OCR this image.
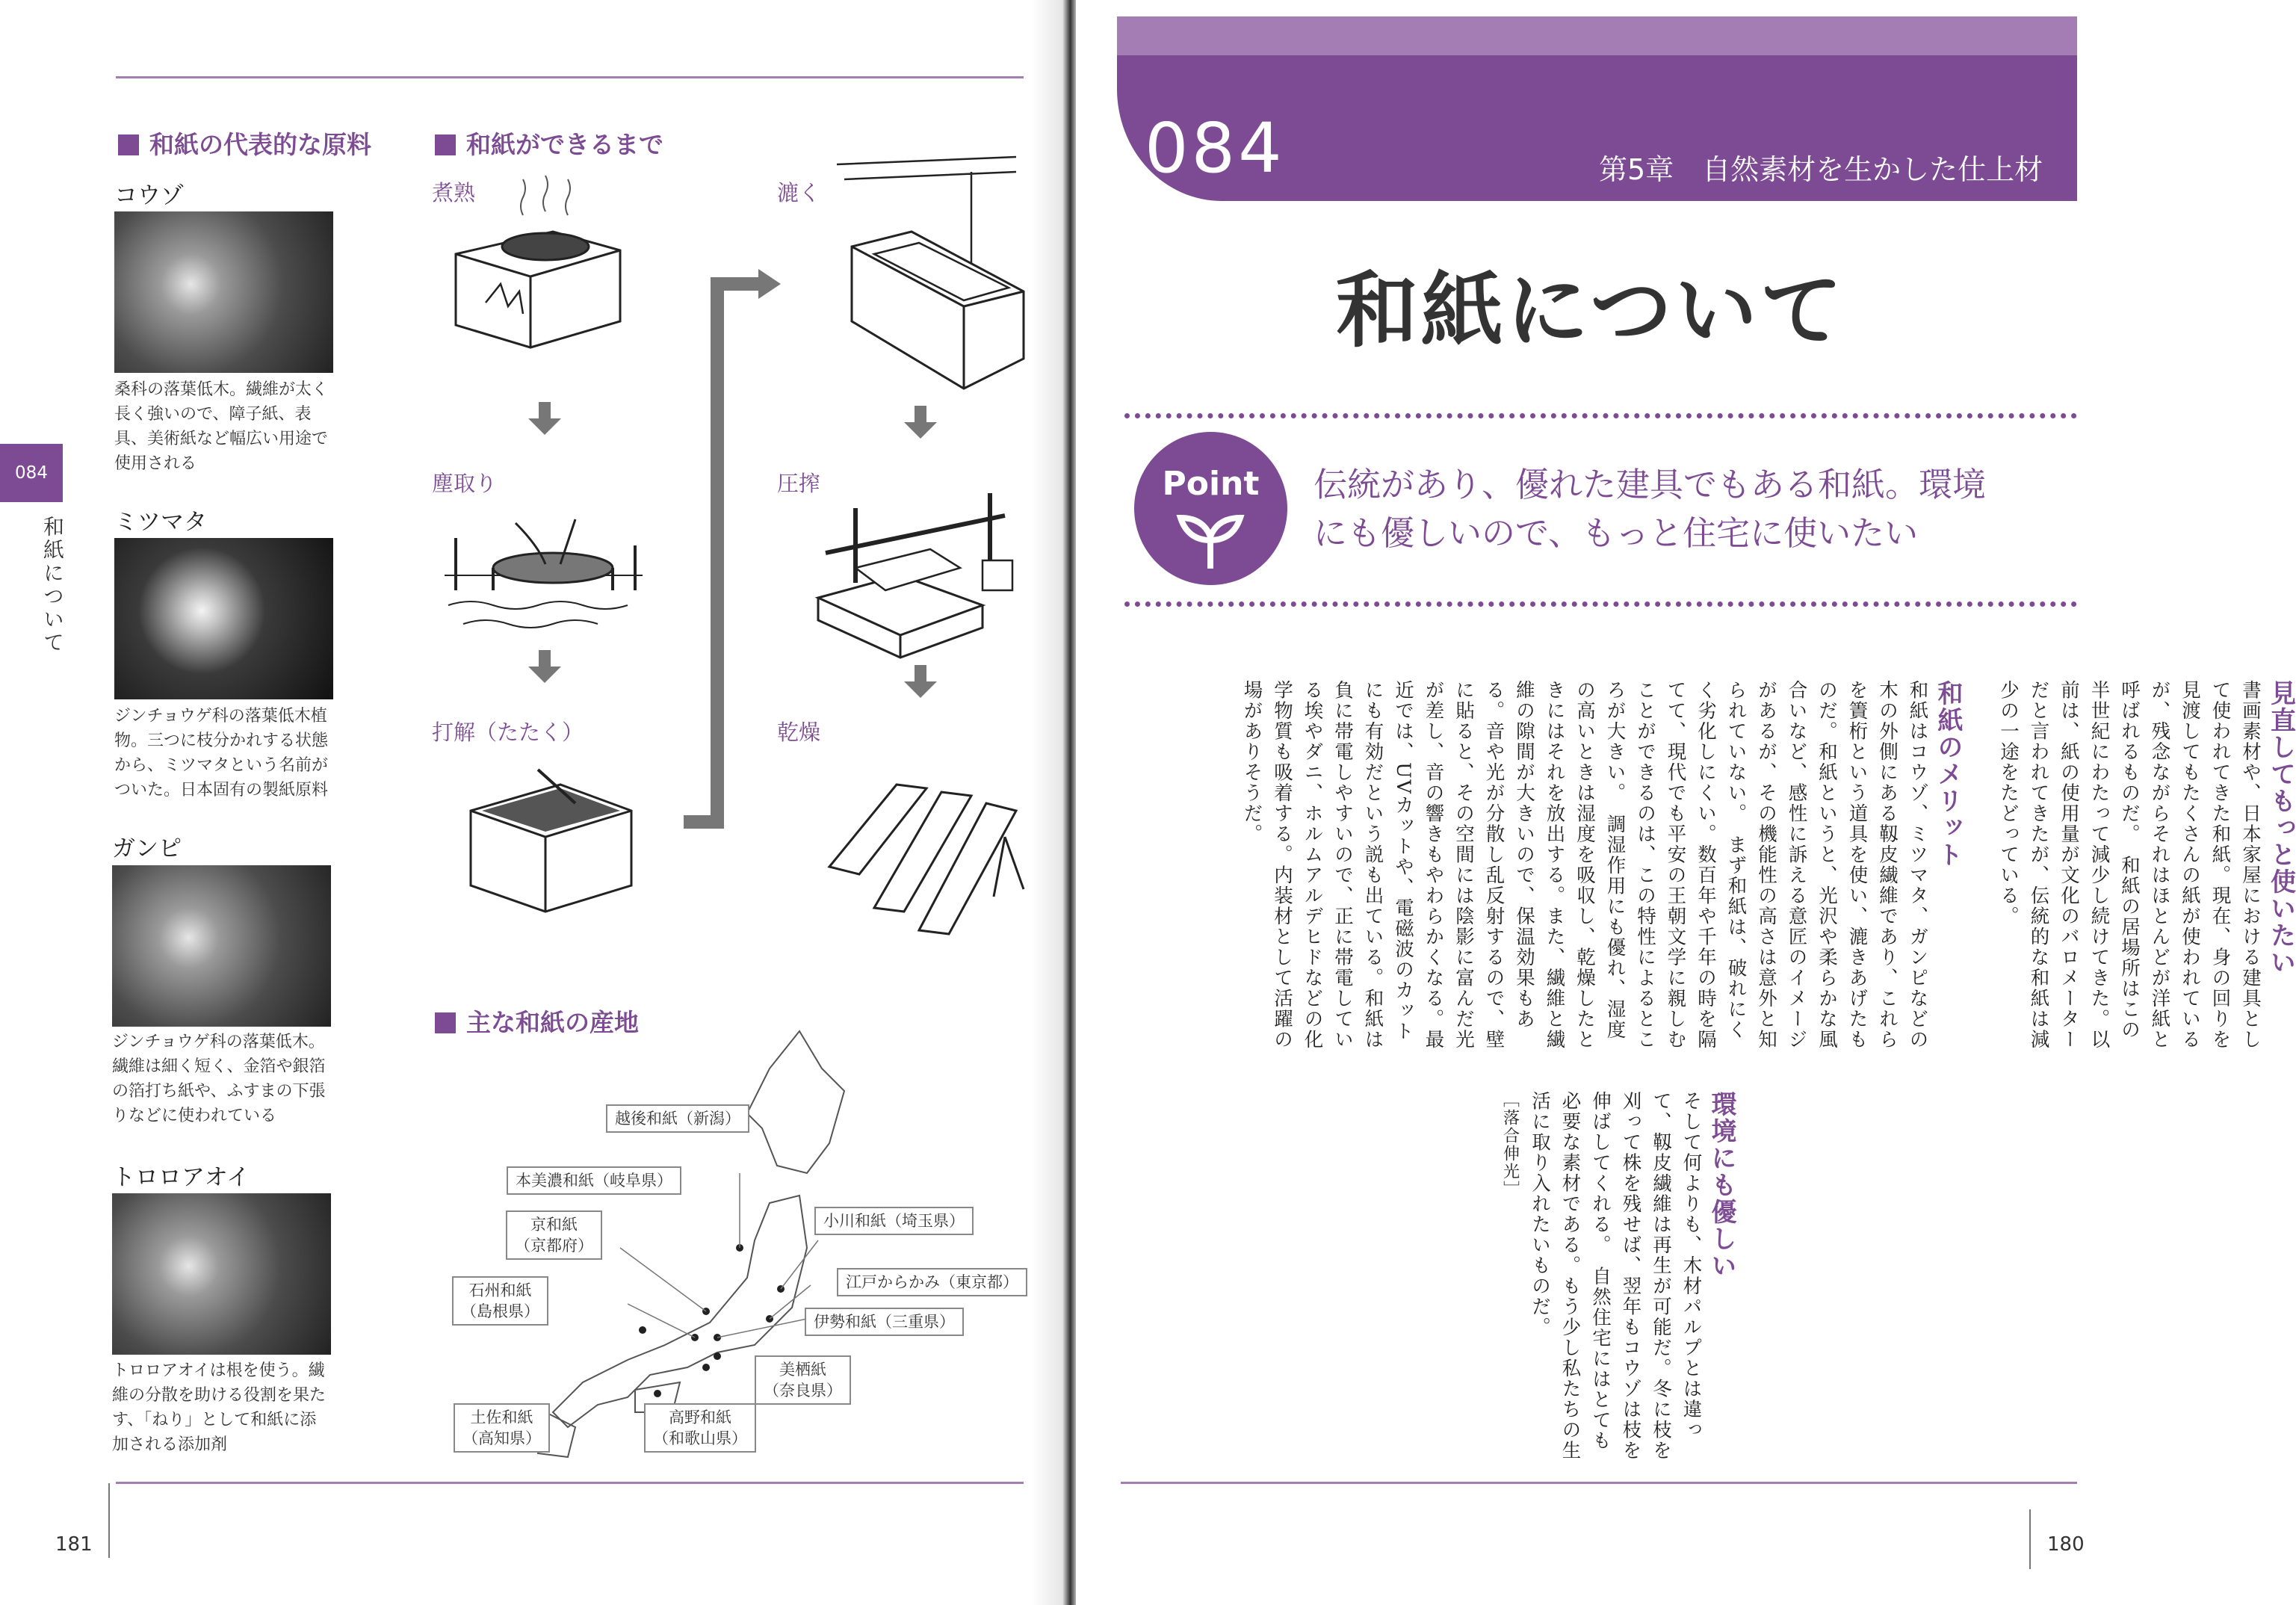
084
和紙について
181
和紙の代表的な原料
コウゾ
桑科の落葉低木。繊維が太く長く強いので、障子紙、表具、美術紙など幅広い用途で使用される
ミツマタ
ジンチョウゲ科の落葉低木植物。三つに枝分かれする状態から、ミツマタという名前がついた。日本固有の製紙原料
ガンピ
ジンチョウゲ科の落葉低木。繊維は細く短く、金箔や銀箔の箔打ち紙や、ふすまの下張りなどに使われている
トロロアオイ
トロロアオイは根を使う。繊維の分散を助ける役割を果たす、「ねり」として和紙に添加される添加剤
和紙ができるまで
煮熟
塵取り
打解（たたく）
漉く
圧搾
乾燥
主な和紙の産地
越後和紙（新潟）
本美濃和紙（岐阜県）
京和紙
（京都府）
石州和紙
（島根県）
小川和紙（埼玉県）
江戸からかみ（東京都）
伊勢和紙（三重県）
美栖紙
（奈良県）
土佐和紙
（高知県）
高野和紙
（和歌山県）
084	第5章　自然素材を生かした仕上材
和紙について
Point	伝統があり、優れた建具でもある和紙。環境
にも優しいので、もっと住宅に使いたい
見直してもっと使いたい
書画素材や、日本家屋における建具として使われてきた和紙。現在、身の回りを見渡してもたくさんの紙が使われているが、残念ながらそれはほとんどが洋紙と呼ばれるものだ。　和紙の居場所はこの半世紀にわたって減少し続けてきた。以前は、紙の使用量が文化のバロメーターだと言われてきたが、伝統的な和紙は減少の一途をたどっている。

和紙のメリット
和紙はコウゾ、ミツマタ、ガンピなどの木の外側にある靱皮繊維であり、これらを簀桁という道具を使い、漉きあげたものだ。和紙というと、光沢や柔らかな風合いなど、感性に訴える意匠のイメージがあるが、その機能性の高さは意外と知られていない。　まず和紙は、破れにくく劣化しにくい。数百年や千年の時を隔てて、現代でも平安の王朝文学に親しむことができるのは、この特性によるところが大きい。　調湿作用にも優れ、湿度の高いときは湿度を吸収し、乾燥したときにはそれを放出する。また、繊維と繊維の隙間が大きいので、保温効果もある。音や光が分散し乱反射するので、壁に貼ると、その空間には陰影に富んだ光が差し、音の響きもやわらかくなる。最近では、UVカットや、電磁波のカットにも有効だという説も出ている。和紙は負に帯電しやすいので、正に帯電している埃やダニ、ホルムアルデヒドなどの化学物質も吸着する。内装材として活躍の場がありそうだ。
環境にも優しい
そして何よりも、木材パルプとは違って、靱皮繊維は再生が可能だ。冬に枝を刈って株を残せば、翌年もコウゾは枝を伸ばしてくれる。　自然住宅にはとても必要な素材である。もう少し私たちの生活に取り入れたいものだ。
［落合伸光］
180
